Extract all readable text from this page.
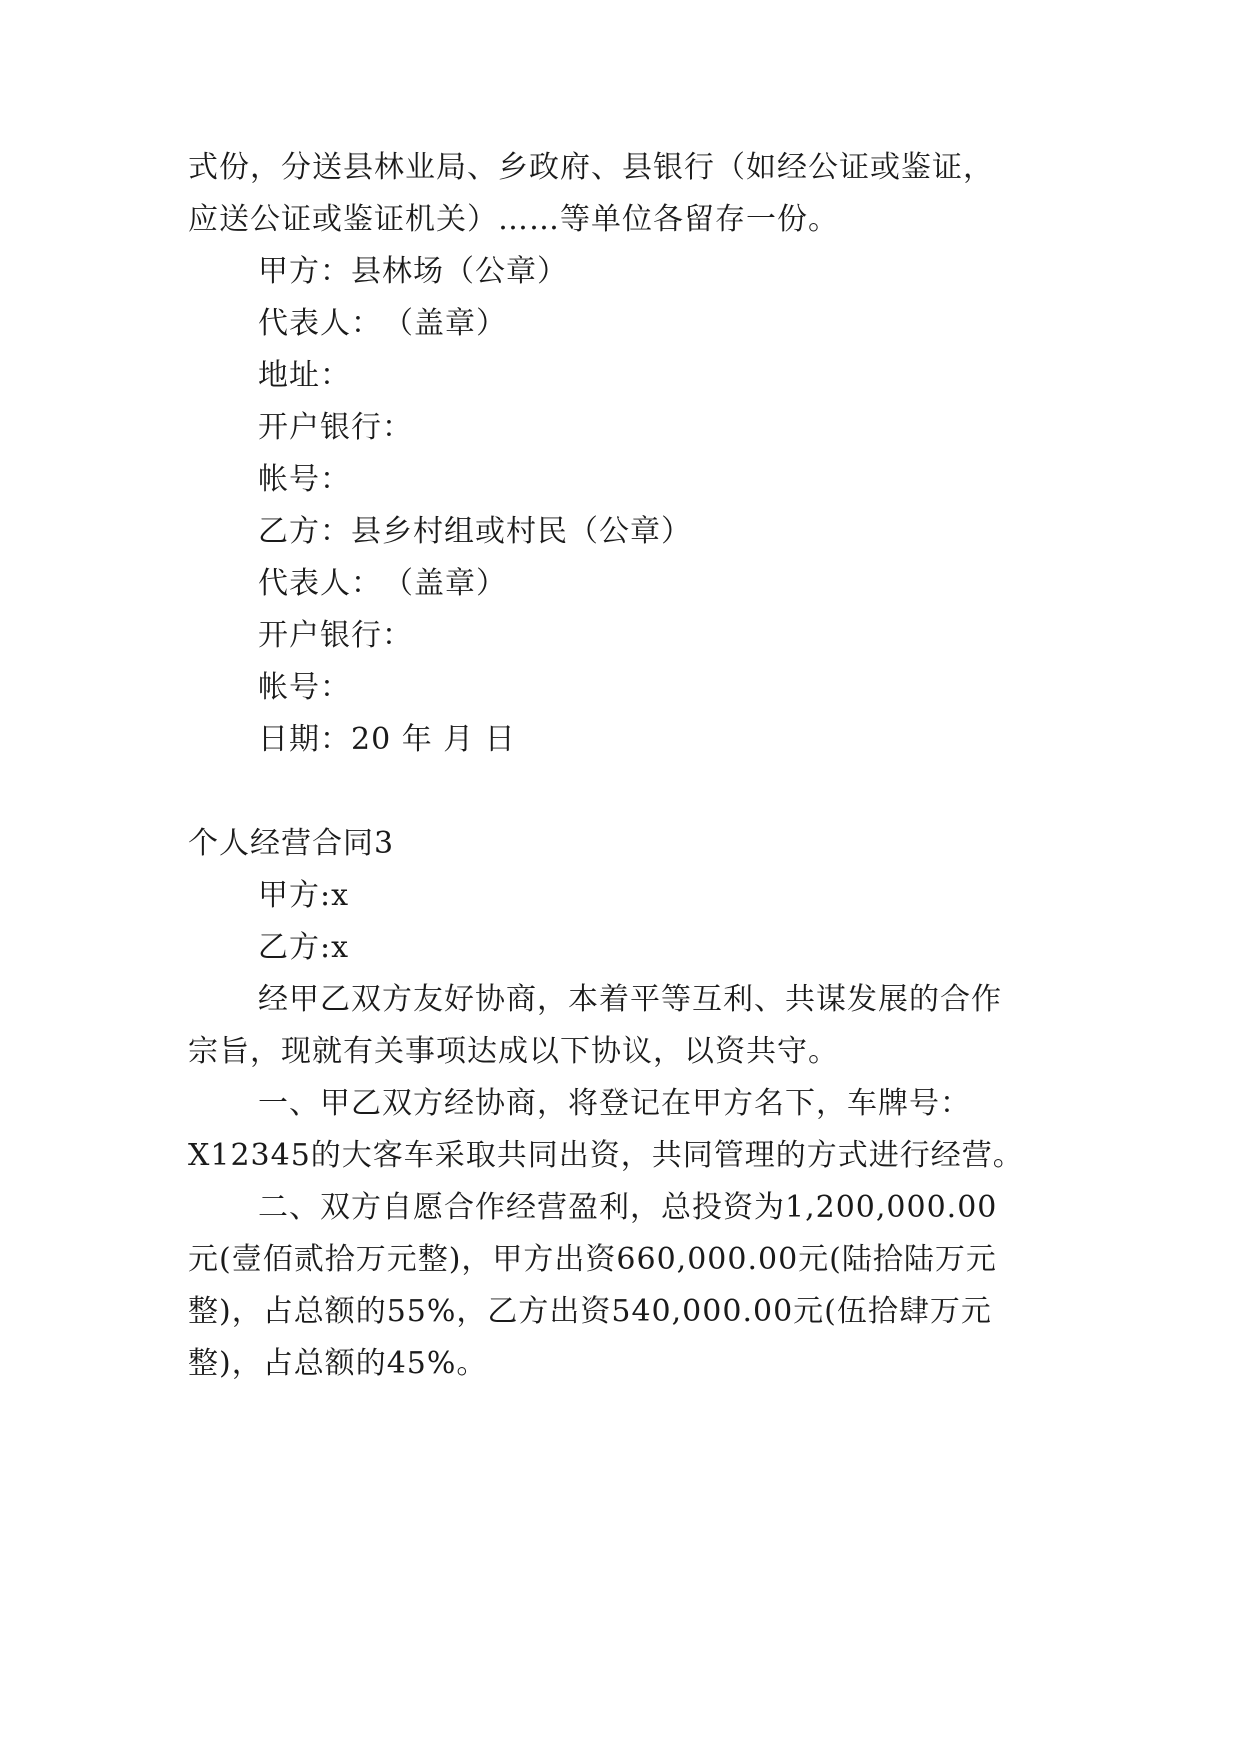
式份，分送县林业局、乡政府、县银行（如经公证或鉴证，
应送公证或鉴证机关）……等单位各留存一份。
甲方：县林场（公章）
代表人：　（盖章）
地址：
开户银行：
帐号：
乙方：县乡村组或村民（公章）
代表人：　（盖章）
开户银行：
帐号：
日期：20 年 月 日
个人经营合同3
甲方:x
乙方:x
经甲乙双方友好协商，本着平等互利、共谋发展的合作
宗旨，现就有关事项达成以下协议，以资共守。
一、甲乙双方经协商，将登记在甲方名下，车牌号：
X12345的大客车采取共同出资，共同管理的方式进行经营。
二、双方自愿合作经营盈利，总投资为1,200,000.00
元(壹佰贰拾万元整)，甲方出资660,000.00元(陆拾陆万元
整)，占总额的55%，乙方出资540,000.00元(伍拾肆万元
整)，占总额的45%。
